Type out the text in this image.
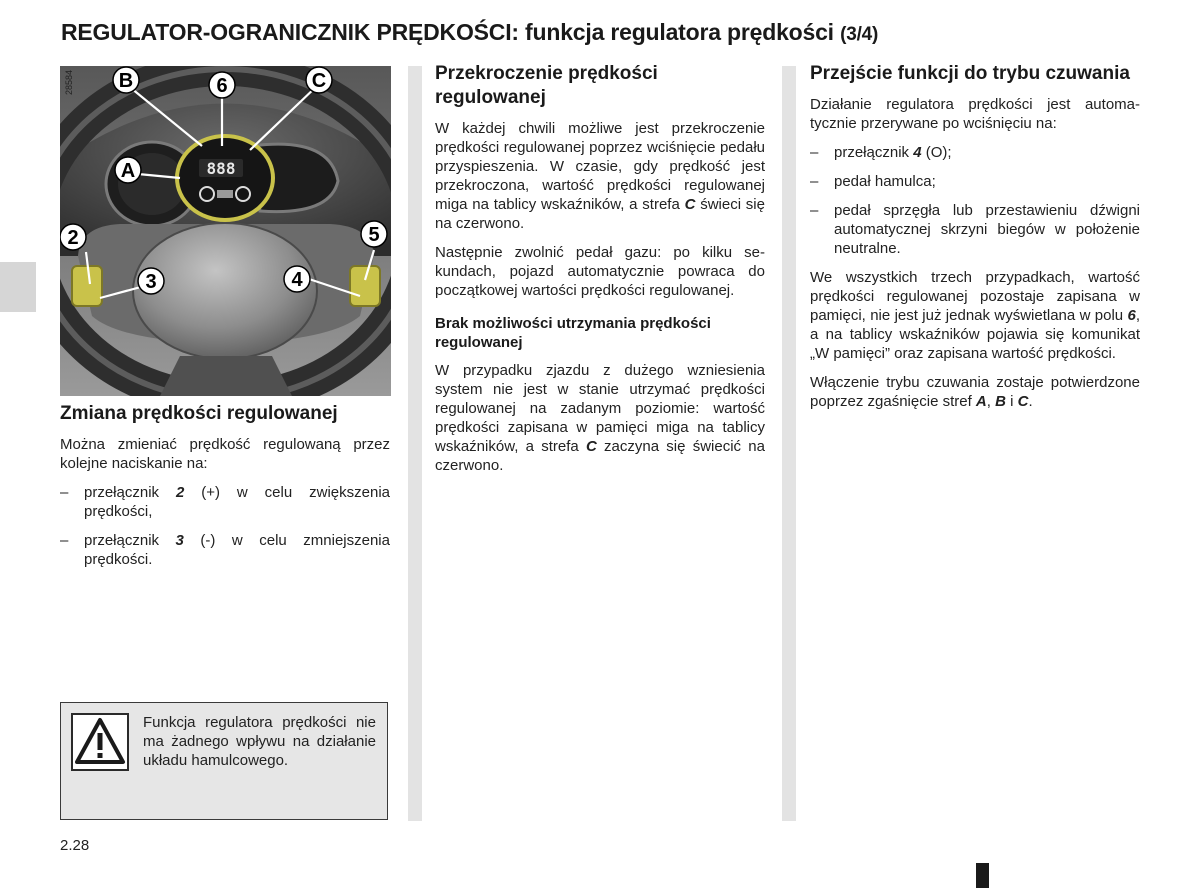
REGULATOR-OGRANICZNIK PRĘDKOŚCI: funkcja regulatora prędkości (3/4)
888
B	6	C
A
2
3	4
5
28584
Zmiana prędkości regulowanej

Można zmieniać prędkość regulowaną przez kolejne naciskanie na:

– przełącznik 2 (+) w celu zwiększenia prędkości,
– przełącznik 3 (-) w celu zmniejszenia prędkości.
Funkcja regulatora prędkości nie ma żadnego wpływu na działanie układu hamulcowego.
Przekroczenie prędkości regulowanej

W każdej chwili możliwe jest przekroczenie prędkości regulowanej poprzez wciśnięcie pedału przyspieszenia. W czasie, gdy prędkość jest przekroczona, wartość prędkości regulowanej miga na tablicy wskaźników, a strefa C świeci się na czerwono.

Następnie zwolnić pedał gazu: po kilku sekundach, pojazd automatycznie powraca do początkowej wartości prędkości regulowanej.

Brak możliwości utrzymania prędkości regulowanej

W przypadku zjazdu z dużego wzniesienia system nie jest w stanie utrzymać prędkości regulowanej na zadanym poziomie: wartość prędkości zapisana w pamięci miga na tablicy wskaźników, a strefa C zaczyna się świecić na czerwono.

Przejście funkcji do trybu czuwania

Działanie regulatora prędkości jest automatycznie przerywane po wciśnięciu na:

– przełącznik 4 (O);
– pedał hamulca;
– pedał sprzęgła lub przestawieniu dźwigni automatycznej skrzyni biegów w położenie neutralne.

We wszystkich trzech przypadkach, wartość prędkości regulowanej pozostaje zapisana w pamięci, nie jest już jednak wyświetlana w polu 6, a na tablicy wskaźników pojawia się komunikat „W pamięci” oraz zapisana wartość prędkości.

Włączenie trybu czuwania zostaje potwierdzone poprzez zgaśnięcie stref A, B i C.

2.28
